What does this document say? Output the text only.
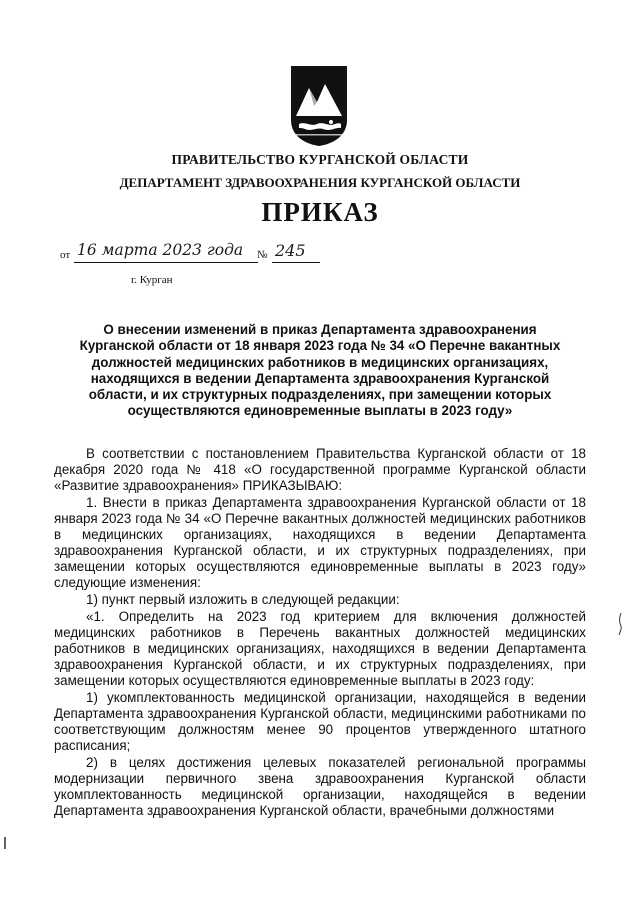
ПРАВИТЕЛЬСТВО КУРГАНСКОЙ ОБЛАСТИ
ДЕПАРТАМЕНТ ЗДРАВООХРАНЕНИЯ КУРГАНСКОЙ ОБЛАСТИ
ПРИКАЗ
от 16 марта 2023 года № 245
г. Курган
О внесении изменений в приказ Департамента здравоохранения Курганской области от 18 января 2023 года № 34 «О Перечне вакантных должностей медицинских работников в медицинских организациях, находящихся в ведении Департамента здравоохранения Курганской области, и их структурных подразделениях, при замещении которых осуществляются единовременные выплаты в 2023 году»

В соответствии с постановлением Правительства Курганской области от 18 декабря 2020 года № 418 «О государственной программе Курганской области «Развитие здравоохранения» ПРИКАЗЫВАЮ:

1. Внести в приказ Департамента здравоохранения Курганской области от 18 января 2023 года № 34 «О Перечне вакантных должностей медицинских работников в медицинских организациях, находящихся в ведении Департамента здравоохранения Курганской области, и их структурных подразделениях, при замещении которых осуществляются единовременные выплаты в 2023 году» следующие изменения:

1) пункт первый изложить в следующей редакции:

«1. Определить на 2023 год критерием для включения должностей медицинских работников в Перечень вакантных должностей медицинских работников в медицинских организациях, находящихся в ведении Департамента здравоохранения Курганской области, и их структурных подразделениях, при замещении которых осуществляются единовременные выплаты в 2023 году:

1) укомплектованность медицинской организации, находящейся в ведении Департамента здравоохранения Курганской области, медицинскими работниками по соответствующим должностям менее 90 процентов утвержденного штатного расписания;

2) в целях достижения целевых показателей региональной программы модернизации первичного звена здравоохранения Курганской области укомплектованность медицинской организации, находящейся в ведении Департамента здравоохранения Курганской области, врачебными должностями
